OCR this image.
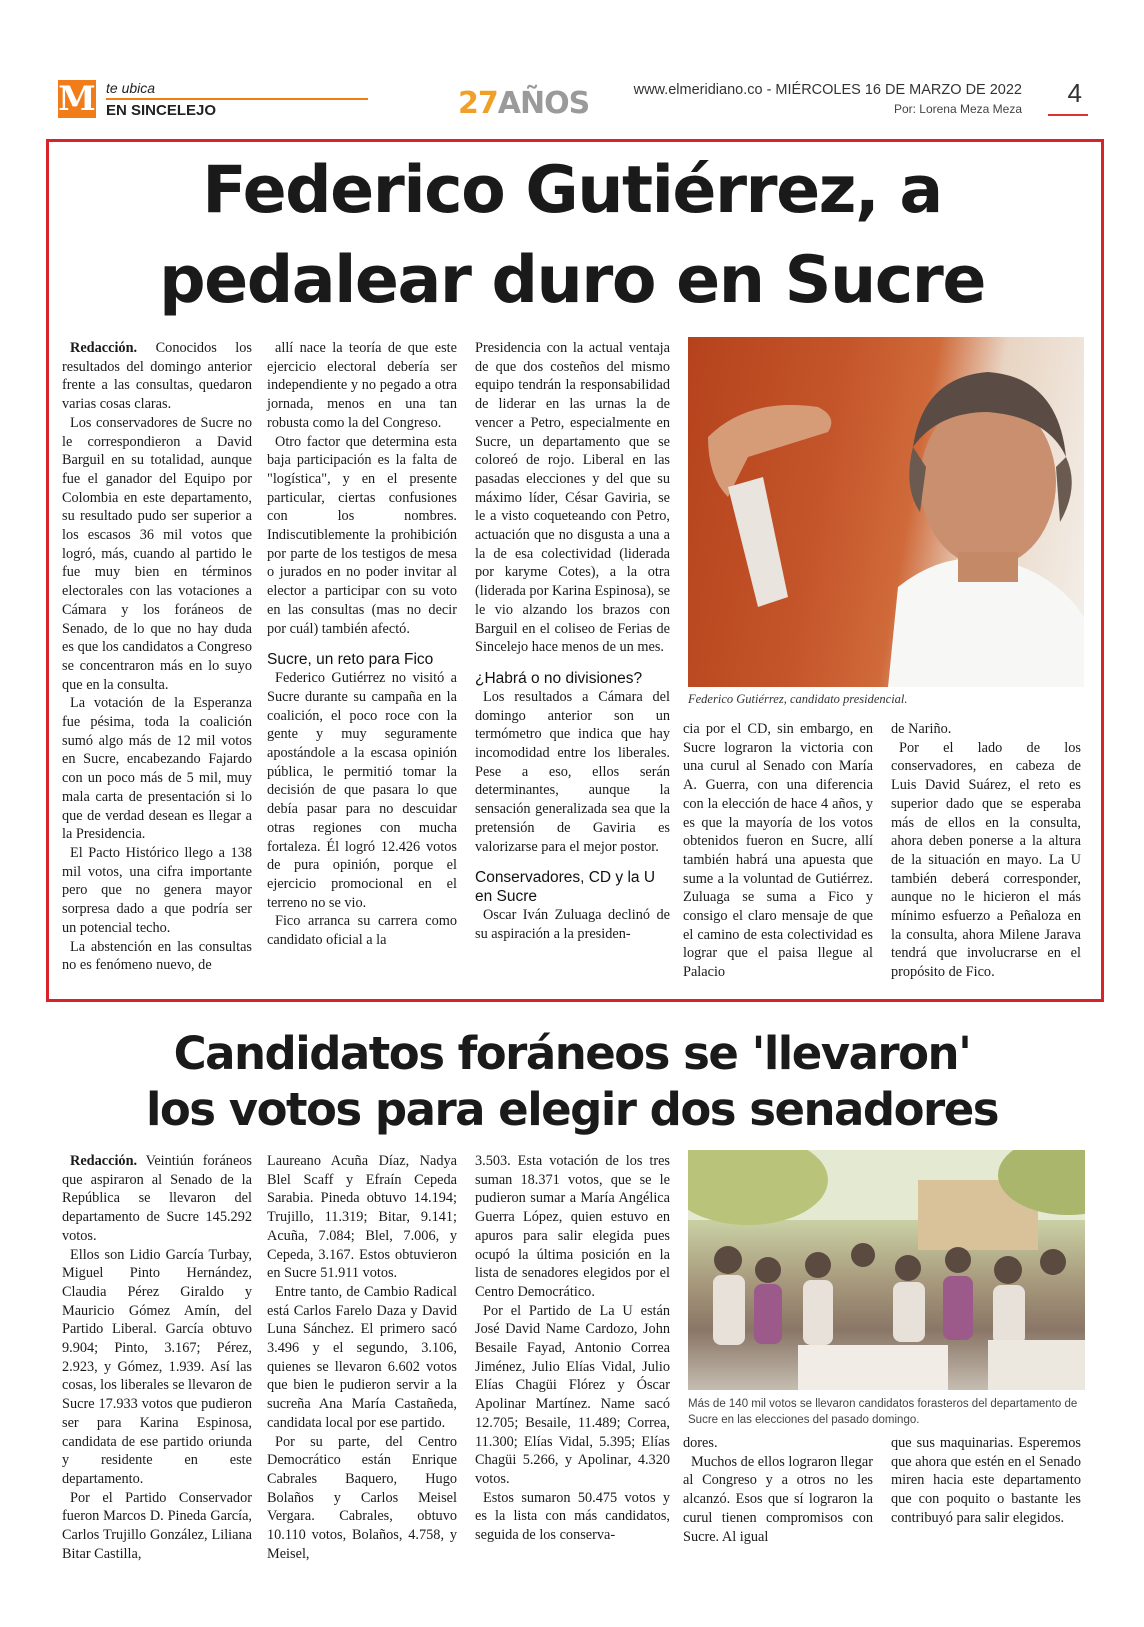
M te ubica
EN SINCELEJO	27AÑOS	www.elmeridiano.co - MIÉRCOLES 16 DE MARZO DE 2022
Por: Lorena Meza Meza
4
Federico Gutiérrez, a
pedalear duro en Sucre

Redacción. Conocidos los resultados del domingo anterior frente a las consultas, quedaron varias cosas claras.

Los conservadores de Sucre no le correspondieron a David Barguil en su totalidad, aunque fue el ganador del Equipo por Colombia en este departamento, su resultado pudo ser superior a los escasos 36 mil votos que logró, más, cuando al partido le fue muy bien en términos electorales con las votaciones a Cámara y los foráneos de Senado, de lo que no hay duda es que los candidatos a Congreso se concentraron más en lo suyo que en la consulta.

La votación de la Esperanza fue pésima, toda la coalición sumó algo más de 12 mil votos en Sucre, encabezando Fajardo con un poco más de 5 mil, muy mala carta de presentación si lo que de verdad desean es llegar a la Presidencia.

El Pacto Histórico llego a 138 mil votos, una cifra importante pero que no genera mayor sorpresa dado a que podría ser un potencial techo.

La abstención en las consultas no es fenómeno nuevo, de

allí nace la teoría de que este ejercicio electoral debería ser independiente y no pegado a otra jornada, menos en una tan robusta como la del Congreso.

Otro factor que determina esta baja participación es la falta de "logística", y en el presente particular, ciertas confusiones con los nombres. Indiscutiblemente la prohibición por parte de los testigos de mesa o jurados en no poder invitar al elector a participar con su voto en las consultas (mas no decir por cuál) también afectó.

Sucre, un reto para Fico

Federico Gutiérrez no visitó a Sucre durante su campaña en la coalición, el poco roce con la gente y muy seguramente apostándole a la escasa opinión pública, le permitió tomar la decisión de que pasara lo que debía pasar para no descuidar otras regiones con mucha fortaleza. Él logró 12.426 votos de pura opinión, porque el ejercicio promocional en el terreno no se vio.

Fico arranca su carrera como candidato oficial a la

Presidencia con la actual ventaja de que dos costeños del mismo equipo tendrán la responsabilidad de liderar en las urnas la de vencer a Petro, especialmente en Sucre, un departamento que se coloreó de rojo. Liberal en las pasadas elecciones y del que su máximo líder, César Gaviria, se le a visto coqueteando con Petro, actuación que no disgusta a una a la de esa colectividad (liderada por karyme Cotes), a la otra (liderada por Karina Espinosa), se le vio alzando los brazos con Barguil en el coliseo de Ferias de Sincelejo hace menos de un mes.

¿Habrá o no divisiones?

Los resultados a Cámara del domingo anterior son un termómetro que indica que hay incomodidad entre los liberales. Pese a eso, ellos serán determinantes, aunque la sensación generalizada sea que la pretensión de Gaviria es valorizarse para el mejor postor.

Conservadores, CD y la U en Sucre

Oscar Iván Zuluaga declinó de su aspiración a la presiden-

Federico Gutiérrez, candidato presidencial.

cia por el CD, sin embargo, en Sucre lograron la victoria con una curul al Senado con María A. Guerra, con una diferencia con la elección de hace 4 años, y es que la mayoría de los votos obtenidos fueron en Sucre, allí también habrá una apuesta que sume a la voluntad de Gutiérrez. Zuluaga se suma a Fico y consigo el claro mensaje de que el camino de esta colectividad es lograr que el paisa llegue al Palacio

de Nariño.

Por el lado de los conservadores, en cabeza de Luis David Suárez, el reto es superior dado que se esperaba más de ellos en la consulta, ahora deben ponerse a la altura de la situación en mayo. La U también deberá corresponder, aunque no le hicieron el más mínimo esfuerzo a Peñaloza en la consulta, ahora Milene Jarava tendrá que involucrarse en el propósito de Fico.

Candidatos foráneos se 'llevaron'
los votos para elegir dos senadores

Redacción. Veintiún foráneos que aspiraron al Senado de la República se llevaron del departamento de Sucre 145.292 votos.

Ellos son Lidio García Turbay, Miguel Pinto Hernández, Claudia Pérez Giraldo y Mauricio Gómez Amín, del Partido Liberal. García obtuvo 9.904; Pinto, 3.167; Pérez, 2.923, y Gómez, 1.939. Así las cosas, los liberales se llevaron de Sucre 17.933 votos que pudieron ser para Karina Espinosa, candidata de ese partido oriunda y residente en este departamento.

Por el Partido Conservador fueron Marcos D. Pineda García, Carlos Trujillo González, Liliana Bitar Castilla,

Laureano Acuña Díaz, Nadya Blel Scaff y Efraín Cepeda Sarabia. Pineda obtuvo 14.194; Trujillo, 11.319; Bitar, 9.141; Acuña, 7.084; Blel, 7.006, y Cepeda, 3.167. Estos obtuvieron en Sucre 51.911 votos.

Entre tanto, de Cambio Radical está Carlos Farelo Daza y David Luna Sánchez. El primero sacó 3.496 y el segundo, 3.106, quienes se llevaron 6.602 votos que bien le pudieron servir a la sucreña Ana María Castañeda, candidata local por ese partido.

Por su parte, del Centro Democrático están Enrique Cabrales Baquero, Hugo Bolaños y Carlos Meisel Vergara. Cabrales, obtuvo 10.110 votos, Bolaños, 4.758, y Meisel,

3.503. Esta votación de los tres suman 18.371 votos, que se le pudieron sumar a María Angélica Guerra López, quien estuvo en apuros para salir elegida pues ocupó la última posición en la lista de senadores elegidos por el Centro Democrático.

Por el Partido de La U están José David Name Cardozo, John Besaile Fayad, Antonio Correa Jiménez, Julio Elías Vidal, Julio Elías Chagüi Flórez y Óscar Apolinar Martínez. Name sacó 12.705; Besaile, 11.489; Correa, 11.300; Elías Vidal, 5.395; Elías Chagüi 5.266, y Apolinar, 4.320 votos.

Estos sumaron 50.475 votos y es la lista con más candidatos, seguida de los conserva-

Más de 140 mil votos se llevaron candidatos forasteros del departamento de Sucre en las elecciones del pasado domingo.

dores.

Muchos de ellos lograron llegar al Congreso y a otros no les alcanzó. Esos que sí lograron la curul tienen compromisos con Sucre. Al igual

que sus maquinarias. Esperemos que ahora que estén en el Senado miren hacia este departamento que con poquito o bastante les contribuyó para salir elegidos.
